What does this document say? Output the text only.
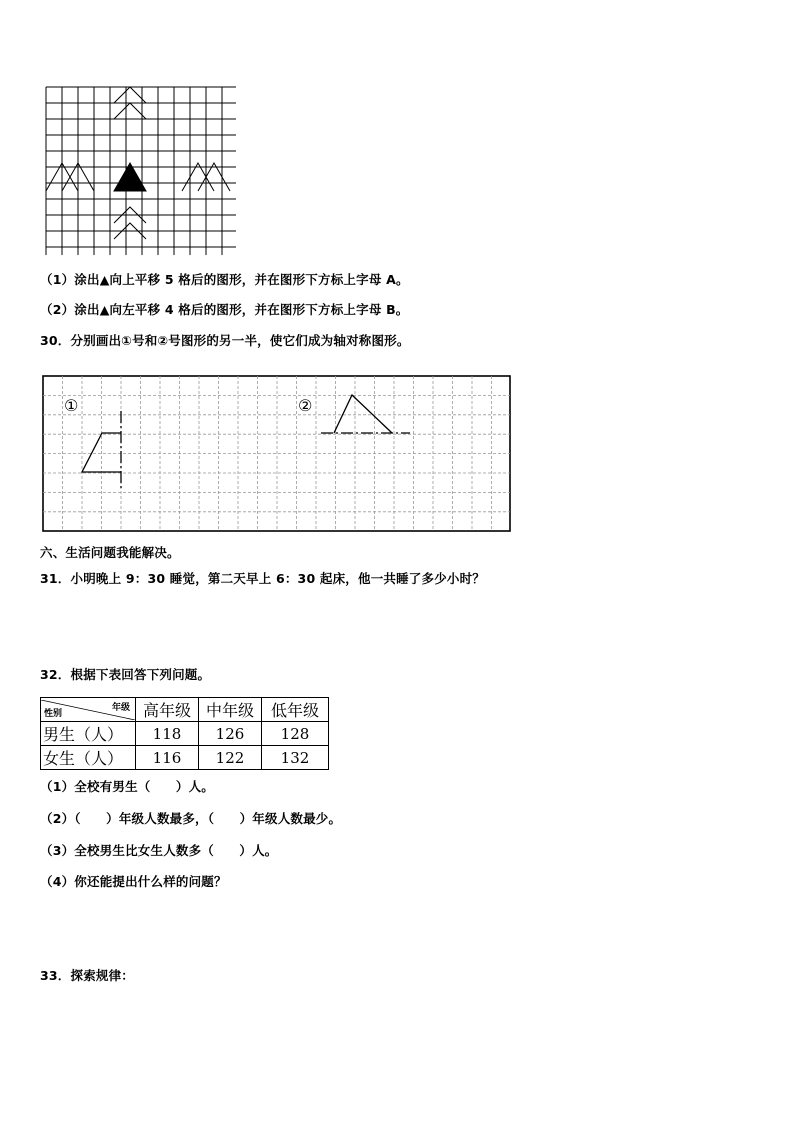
（1）涂出▲向上平移 5 格后的图形，并在图形下方标上字母 A。
（2）涂出▲向左平移 4 格后的图形，并在图形下方标上字母 B。
30．分别画出①号和②号图形的另一半，使它们成为轴对称图形。
①	②
六、生活问题我能解决。
31．小明晚上 9：30 睡觉，第二天早上 6：30 起床，他一共睡了多少小时？
32．根据下表回答下列问题。
年级
性别	高年级	中年级	低年级
男生（人）	118	126	128
女生（人）	116	122	132
（1）全校有男生（　　）人。
（2）（　　）年级人数最多，（　　）年级人数最少。
（3）全校男生比女生人数多（　　）人。
（4）你还能提出什么样的问题？
33．探索规律：
